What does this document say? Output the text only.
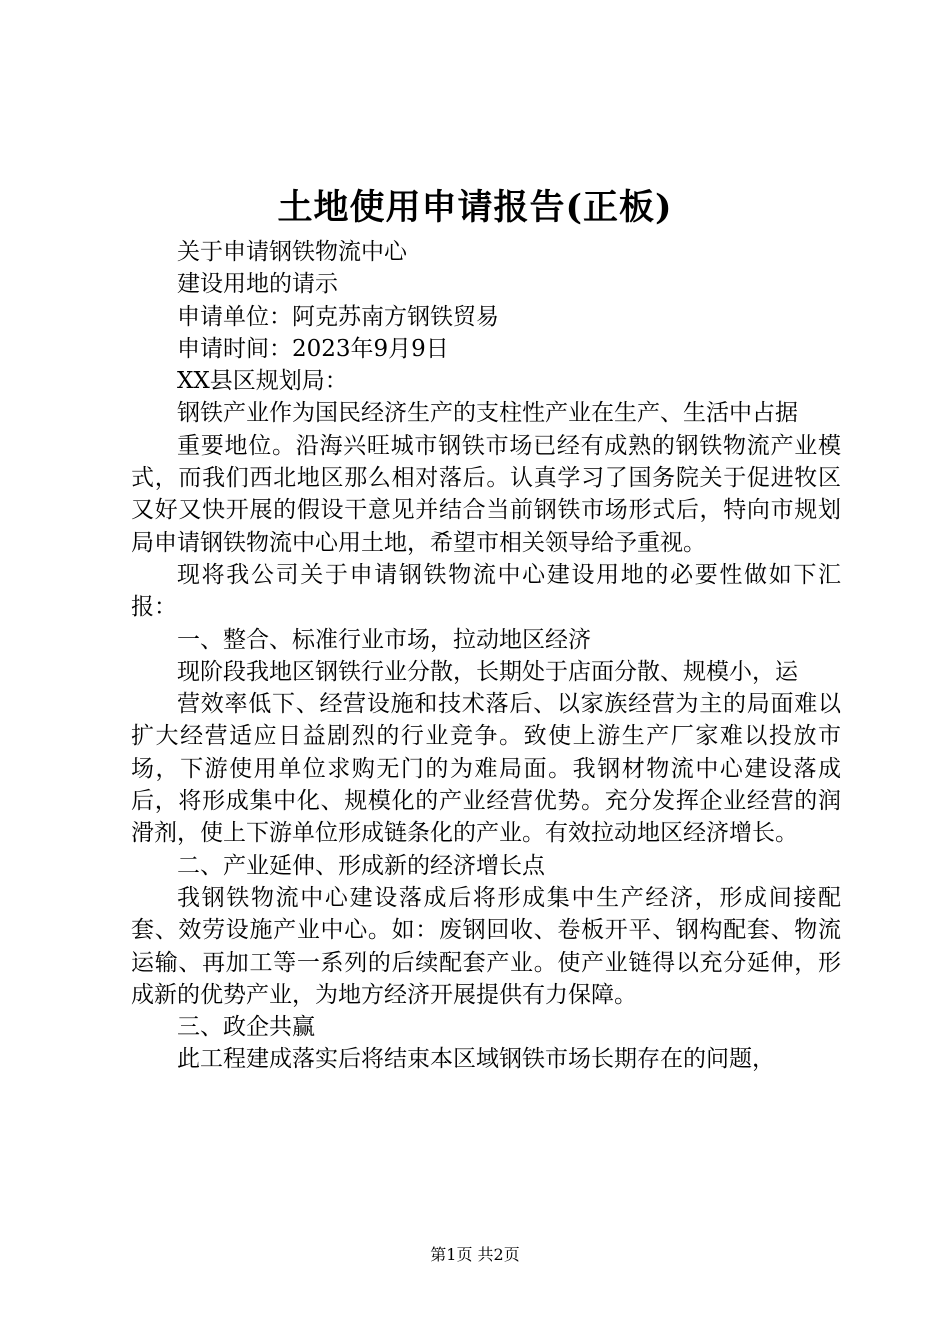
土地使用申请报告(正板)

关于申请钢铁物流中心

建设用地的请示

申请单位：阿克苏南方钢铁贸易

申请时间：2023年9月9日

XX县区规划局：

钢铁产业作为国民经济生产的支柱性产业在生产、生活中占据

重要地位。沿海兴旺城市钢铁市场已经有成熟的钢铁物流产业模式，而我们西北地区那么相对落后。认真学习了国务院关于促进牧区又好又快开展的假设干意见并结合当前钢铁市场形式后，特向市规划局申请钢铁物流中心用土地，希望市相关领导给予重视。

现将我公司关于申请钢铁物流中心建设用地的必要性做如下汇报：

一、整合、标准行业市场，拉动地区经济

现阶段我地区钢铁行业分散，长期处于店面分散、规模小，运

营效率低下、经营设施和技术落后、以家族经营为主的局面难以扩大经营适应日益剧烈的行业竞争。致使上游生产厂家难以投放市场，下游使用单位求购无门的为难局面。我钢材物流中心建设落成后，将形成集中化、规模化的产业经营优势。充分发挥企业经营的润滑剂，使上下游单位形成链条化的产业。有效拉动地区经济增长。

二、产业延伸、形成新的经济增长点

我钢铁物流中心建设落成后将形成集中生产经济，形成间接配套、效劳设施产业中心。如：废钢回收、卷板开平、钢构配套、物流运输、再加工等一系列的后续配套产业。使产业链得以充分延伸，形成新的优势产业，为地方经济开展提供有力保障。

三、政企共赢

此工程建成落实后将结束本区域钢铁市场长期存在的问题，

第1页 共2页
